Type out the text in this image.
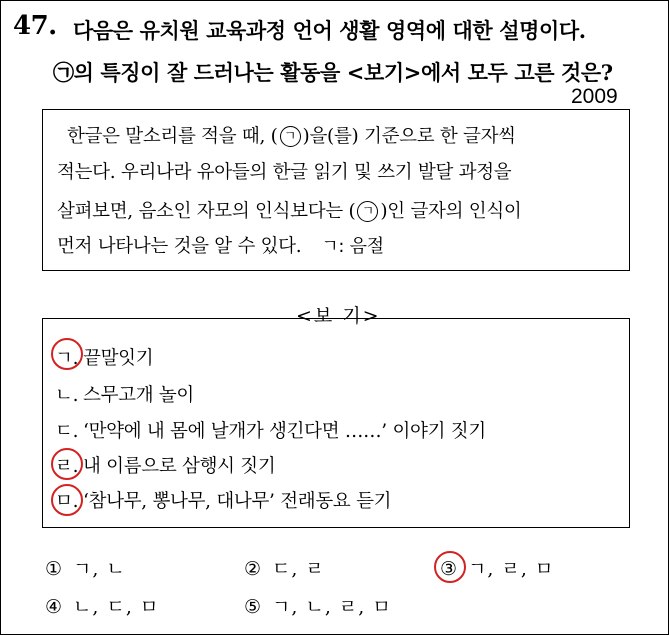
47. 다음은 유치원 교육과정 언어 생활 영역에 대한 설명이다.
㉠의 특징이 잘 드러나는 활동을 <보기>에서 모두 고른 것은?
2009
한글은 말소리를 적을 때, ( ㄱ )을(를) 기준으로 한 글자씩
적는다. 우리나라 유아들의 한글 읽기 및 쓰기 발달 과정을
살펴보면, 음소인 자모의 인식보다는 ( ㄱ )인 글자의 인식이
먼저 나타나는 것을 알 수 있다. ㄱ: 음절
<보 기>
ㄱ. 끝말잇기
ㄴ. 스무고개 놀이
ㄷ. ‘만약에 내 몸에 날개가 생긴다면 ……’ 이야기 짓기
ㄹ. 내 이름으로 삼행시 짓기
ㅁ. ‘참나무, 뽕나무, 대나무’ 전래동요 듣기
① ㄱ, ㄴ	② ㄷ, ㄹ	③ ㄱ, ㄹ, ㅁ
④ ㄴ, ㄷ, ㅁ	⑤ ㄱ, ㄴ, ㄹ, ㅁ
